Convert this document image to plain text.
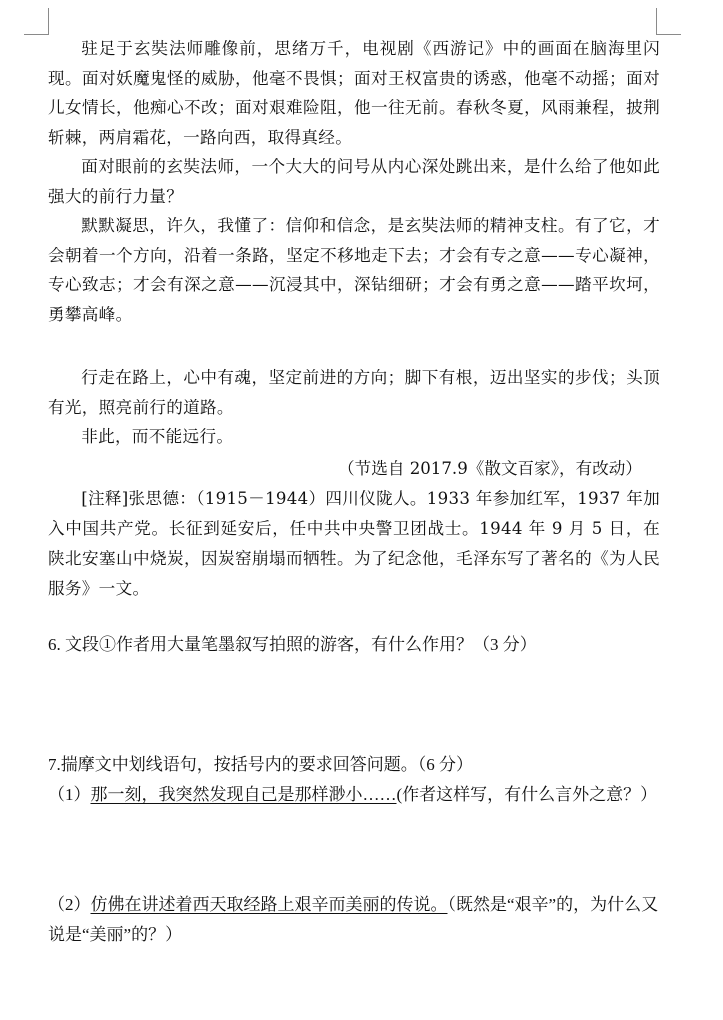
驻足于玄奘法师雕像前，思绪万千，电视剧《西游记》中的画面在脑海里闪现。面对妖魔鬼怪的威胁，他毫不畏惧；面对王权富贵的诱惑，他毫不动摇；面对儿女情长，他痴心不改；面对艰难险阻，他一往无前。春秋冬夏，风雨兼程，披荆斩棘，两肩霜花，一路向西，取得真经。

面对眼前的玄奘法师，一个大大的问号从内心深处跳出来，是什么给了他如此强大的前行力量？

默默凝思，许久，我懂了：信仰和信念，是玄奘法师的精神支柱。有了它，才会朝着一个方向，沿着一条路，坚定不移地走下去；才会有专之意——专心凝神，专心致志；才会有深之意——沉浸其中，深钻细研；才会有勇之意——踏平坎坷，勇攀高峰。

行走在路上，心中有魂，坚定前进的方向；脚下有根，迈出坚实的步伐；头顶有光，照亮前行的道路。

非此，而不能远行。

（节选自 2017.9《散文百家》，有改动）

[注释]张思德：（1915－1944）四川仪陇人。1933 年参加红军，1937 年加入中国共产党。长征到延安后，任中共中央警卫团战士。1944 年 9 月 5 日，在陕北安塞山中烧炭，因炭窑崩塌而牺牲。为了纪念他，毛泽东写了著名的《为人民服务》一文。

6. 文段①作者用大量笔墨叙写拍照的游客，有什么作用？（3 分）

7.揣摩文中划线语句，按括号内的要求回答问题。（6 分）

（1）那一刻，我突然发现自己是那样渺小……(作者这样写，有什么言外之意？）

（2）仿佛在讲述着西天取经路上艰辛而美丽的传说。（既然是“艰辛”的，为什么又说是“美丽”的？）
